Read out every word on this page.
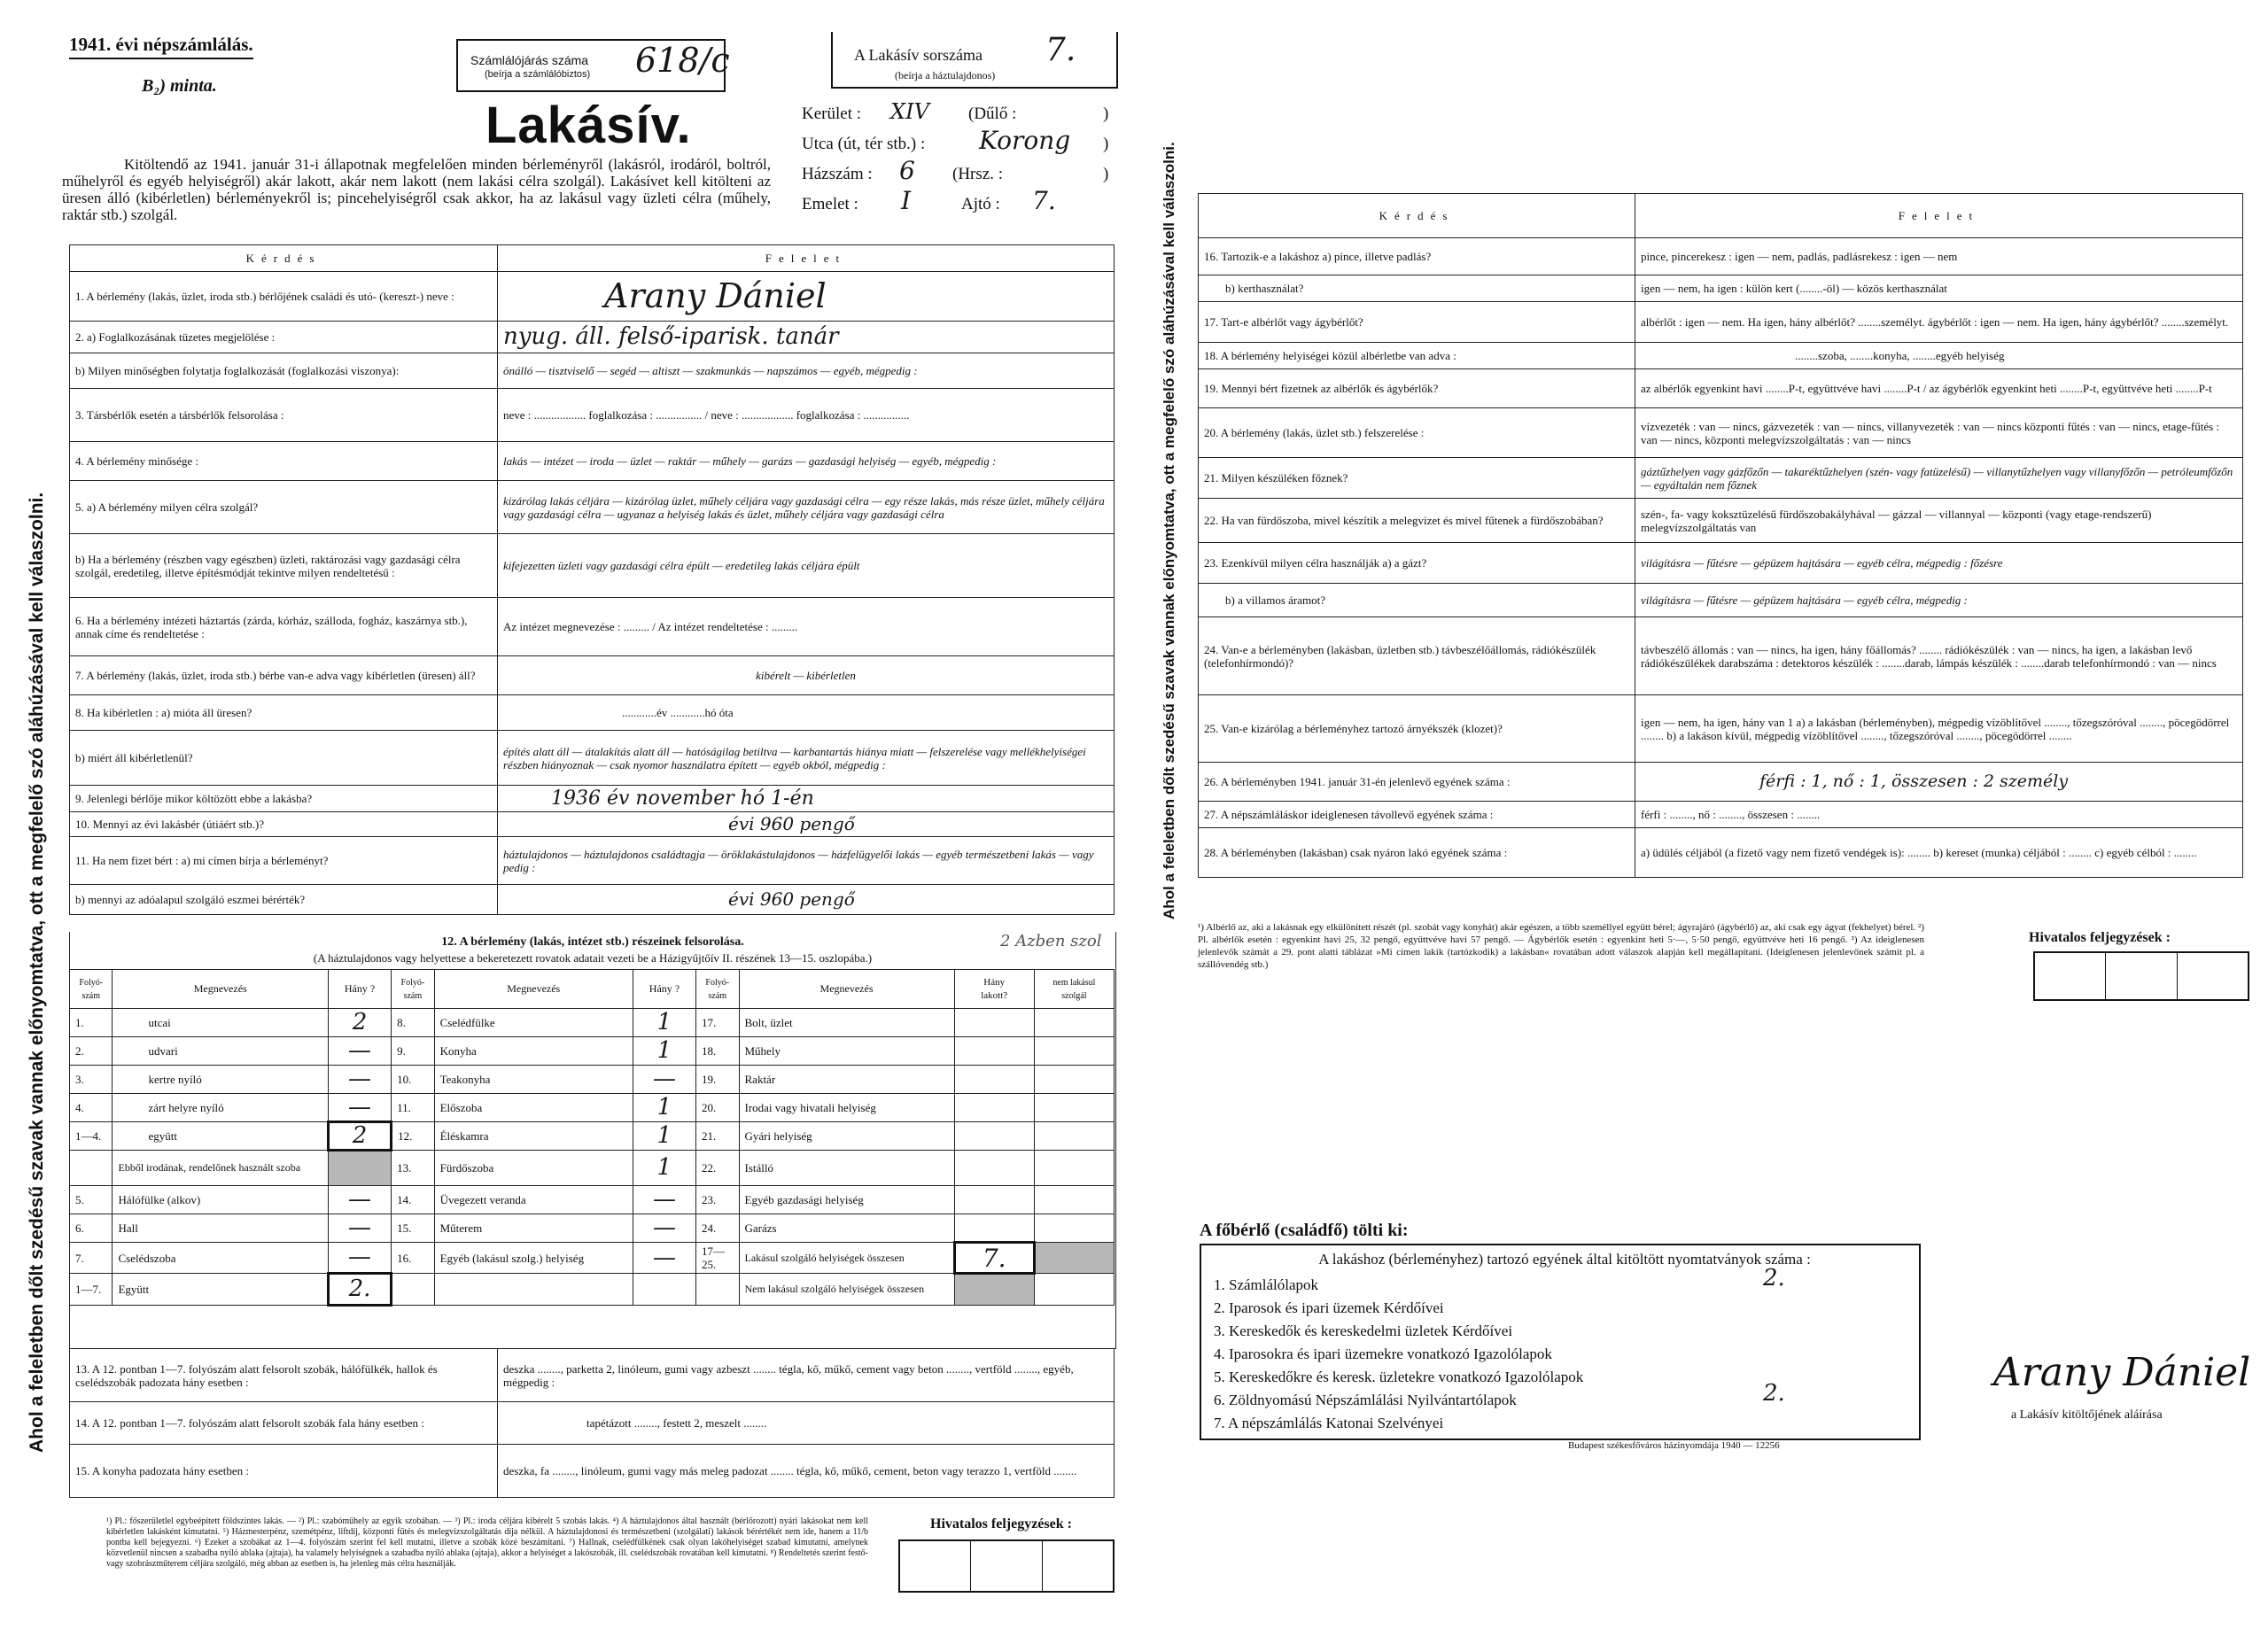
1941. évi népszámlálás.
B₂) minta.
Számlálójárás száma
(beírja a számlálóbiztos) 618/c	A Lakásív sorszáma 7.
(beírja a háztulajdonos)
Lakásív.
Kitöltendő az 1941. január 31-i állapotnak megfelelően minden bérleményről (lakásról, irodáról, boltról, műhelyről és egyéb helyiségről) akár lakott, akár nem lakott (nem lakási célra szolgál). Lakásívet kell kitölteni az üresen álló (kibérletlen) bérleményekről is; pincehelyiségről csak akkor, ha az lakásul vagy üzleti célra (műhely, raktár stb.) szolgál.
Kerület : XIV (Dűlő :	)
Utca (út, tér stb.) : Korong )
Házszám : 6 (Hrsz. :	)
Emelet : I	Ajtó : 7.
Ahol a feleletben dőlt szedésű szavak vannak előnyomtatva, ott a megfelelő szó aláhúzásával kell válaszolni.
Kérdés	Felelet
1. A bérlemény (lakás, üzlet, iroda stb.) bérlőjének családi és utó- (kereszt-) neve :	Arany Dániel
2. a) Foglalkozásának tüzetes megjelölése :	nyug. áll. felső-iparisk. tanár
b) Milyen minőségben folytatja foglalkozását (foglalkozási viszonya):	önálló — tisztviselő — segéd — altiszt — szakmunkás — napszámos — egyéb, mégpedig :
3. Társbérlők esetén a társbérlők felsorolása :	neve : .................. foglalkozása : ................ / neve : .................. foglalkozása : ................
4. A bérlemény minősége :	lakás — intézet — iroda — üzlet — raktár — műhely — garázs — gazdasági helyiség — egyéb, mégpedig :
5. a) A bérlemény milyen célra szolgál?	kizárólag lakás céljára — kizárólag üzlet, műhely céljára vagy gazdasági célra — egy része lakás, más része üzlet, műhely céljára vagy gazdasági célra — ugyanaz a helyiség lakás és üzlet, műhely céljára vagy gazdasági célra
b) Ha a bérlemény (részben vagy egészben) üzleti, raktározási vagy gazdasági célra szolgál, eredetileg, illetve építésmódját tekintve milyen rendeltetésű :	kifejezetten üzleti vagy gazdasági célra épült — eredetileg lakás céljára épült
6. Ha a bérlemény intézeti háztartás (zárda, kórház, szálloda, fogház, kaszárnya stb.), annak címe és rendeltetése :	Az intézet megnevezése : ......... / Az intézet rendeltetése : .........
7. A bérlemény (lakás, üzlet, iroda stb.) bérbe van-e adva vagy kibérletlen (üresen) áll?	kibérelt — kibérletlen
8. Ha kibérletlen : a) mióta áll üresen?	............év ............hó óta
b) miért áll kibérletlenül?	építés alatt áll — átalakítás alatt áll — hatóságilag betiltva — karbantartás hiánya miatt — felszerelése vagy mellékhelyiségei részben hiányoznak — csak nyomor használatra épített — egyéb okból, mégpedig :
9. Jelenlegi bérlője mikor költözött ebbe a lakásba?	1936 év november hó 1-én
10. Mennyi az évi lakásbér (útiáért stb.)?	évi 960 pengő
11. Ha nem fizet bért : a) mi címen bírja a bérleményt?	háztulajdonos — háztulajdonos családtagja — öröklakástulajdonos — házfelügyelői lakás — egyéb természetbeni lakás — vagy pedig :
b) mennyi az adóalapul szolgáló eszmei bérérték?	évi 960 pengő
12. A bérlemény (lakás, intézet stb.) részeinek felsorolása.
(A háztulajdonos vagy helyettese a bekeretezett rovatok adatait vezeti be a Házigyűjtőív II. részének 13—15. oszlopába.)
2 Azben szol
Folyó-szám	Megnevezés	Hány ?	Folyó-szám	Megnevezés	Hány ?	Folyó-szám	Megnevezés	Hány
lakott?	nem lakásul szolgál
1.	utcai	2	8.	Cselédfülke	1	17.	Bolt, üzlet		
2.	udvari	—	9.	Konyha	1	18.	Műhely		
3.	kertre nyíló	—	10.	Teakonyha	—	19.	Raktár		
4.	zárt helyre nyíló	—	11.	Előszoba	1	20.	Irodai vagy hivatali helyiség		
1—4.	együtt	2	12.	Éléskamra	1	21.	Gyári helyiség		
	Ebből irodának, rendelőnek használt szoba		13.	Fürdőszoba	1	22.	Istálló		
5.	Hálófülke (alkov)	—	14.	Üvegezett veranda	—	23.	Egyéb gazdasági helyiség		
6.	Hall	—	15.	Műterem	—	24.	Garázs		
7.	Cselédszoba	—	16.	Egyéb (lakásul szolg.) helyiség	—	17—25.	Lakásul szolgáló helyiségek összesen	7.	
1—7.	Együtt	2.					Nem lakásul szolgáló helyiségek összesen		
13. A 12. pontban 1—7. folyószám alatt felsorolt szobák, hálófülkék, hallok és cselédszobák padozata hány esetben :	deszka ........, parketta 2, linóleum, gumi vagy azbeszt ........ tégla, kő, műkő, cement vagy beton ........, vertföld ........, egyéb, mégpedig :
14. A 12. pontban 1—7. folyószám alatt felsorolt szobák fala hány esetben :	tapétázott ........, festett 2, meszelt ........
15. A konyha padozata hány esetben :	deszka, fa ........, linóleum, gumi vagy más meleg padozat ........ tégla, kő, műkő, cement, beton vagy terazzo 1, vertföld ........
¹) Pl.: főszerületlel egybeépített földszintes lakás. — ²) Pl.: szabóműhely az egyik szobában. — ³) Pl.: iroda céljára kibérelt 5 szobás lakás. ⁴) A háztulajdonos által használt (bérlőrozott) nyári lakásokat nem kell kibérletlen lakásként kimutatni. ⁵) Házmesterpénz, szemétpénz, liftdíj, központi fűtés és melegvízszolgáltatás díja nélkül. A háztulajdonosi és természetbeni (szolgálati) lakások bérértékét nem ide, hanem a 11/b pontba kell bejegyezni. ⁶) Ezeket a szobákat az 1—4. folyószám szerint fel kell mutatni, illetve a szobák közé beszámítani. ⁷) Hallnak, cselédfülkének csak olyan lakóhelyiséget szabad kimutatni, amelynek közvetlenül nincsen a szabadba nyíló ablaka (ajtaja), ha valamely helyiségnek a szabadba nyíló ablaka (ajtaja), akkor a helyiséget a lakószobák, ill. cselédszobák rovatában kell kimutatni. ⁸) Rendeltetés szerint festő- vagy szobrászműterem céljára szolgáló, még abban az esetben is, ha jelenleg más célra használják.
Hivatalos feljegyzések :
Ahol a feleletben dőlt szedésű szavak vannak előnyomtatva, ott a megfelelő szó aláhúzásával kell válaszolni.	Kérdés	Felelet
16. Tartozik-e a lakáshoz a) pince, illetve padlás?	pince, pincerekesz : igen — nem, padlás, padlásrekesz : igen — nem
b) kerthasználat?	igen — nem, ha igen : külön kert (........-öl) — közös kerthasználat
17. Tart-e albérlőt vagy ágybérlőt?	albérlőt : igen — nem. Ha igen, hány albérlőt? ........személyt. ágybérlőt : igen — nem. Ha igen, hány ágybérlőt? ........személyt.
18. A bérlemény helyiségei közül albérletbe van adva :	........szoba, ........konyha, ........egyéb helyiség
19. Mennyi bért fizetnek az albérlők és ágybérlők?	az albérlők egyenkint havi ........P-t, együttvéve havi ........P-t / az ágybérlők egyenkint heti ........P-t, együttvéve heti ........P-t
20. A bérlemény (lakás, üzlet stb.) felszerelése :	vízvezeték : van — nincs, gázvezeték : van — nincs, villanyvezeték : van — nincs központi fűtés : van — nincs, etage-fűtés : van — nincs, központi melegvízszolgáltatás : van — nincs
21. Milyen készüléken főznek?	gáztűzhelyen vagy gázfőzőn — takaréktűzhelyen (szén- vagy fatüzelésű) — villanytűzhelyen vagy villanyfőzőn — petróleumfőzőn — egyáltalán nem főznek
22. Ha van fürdőszoba, mivel készítik a melegvizet és mivel fűtenek a fürdőszobában?	szén-, fa- vagy koksztüzelésű fürdőszobakályhával — gázzal — villannyal — központi (vagy etage-rendszerű) melegvízszolgáltatás van
23. Ezenkívül milyen célra használják a) a gázt?	világításra — fűtésre — gépüzem hajtására — egyéb célra, mégpedig : főzésre
b) a villamos áramot?	világításra — fűtésre — gépüzem hajtására — egyéb célra, mégpedig :
24. Van-e a bérleményben (lakásban, üzletben stb.) távbeszélőállomás, rádiókészülék (telefonhírmondó)?	távbeszélő állomás : van — nincs, ha igen, hány főállomás? ........ rádiókészülék : van — nincs, ha igen, a lakásban levő rádiókészülékek darabszáma : detektoros készülék : ........darab, lámpás készülék : ........darab telefonhírmondó : van — nincs
25. Van-e kizárólag a bérleményhez tartozó árnyékszék (klozet)?	igen — nem, ha igen, hány van 1 a) a lakásban (bérleményben), mégpedig vízöblítővel ........, tőzegszóróval ........, pöcegödörrel ........ b) a lakáson kívül, mégpedig vízöblítővel ........, tőzegszóróval ........, pöcegödörrel ........
26. A bérleményben 1941. január 31-én jelenlevő egyének száma :	férfi : 1, nő : 1, összesen : 2 személy
27. A népszámláláskor ideiglenesen távollevő egyének száma :	férfi : ........, nő : ........, összesen : ........
28. A bérleményben (lakásban) csak nyáron lakó egyének száma :	a) üdülés céljából (a fizető vagy nem fizető vendégek is): ........ b) kereset (munka) céljából : ........ c) egyéb célból : ........
¹) Albérlő az, aki a lakásnak egy elkülönített részét (pl. szobát vagy konyhát) akár egészen, a több személlyel együtt bérel; ágyrajáró (ágybérlő) az, aki csak egy ágyat (fekhelyet) bérel. ²) Pl. albérlők esetén : egyenkint havi 25, 32 pengő, együttvéve havi 57 pengő. — Ágybérlők esetén : egyenkint heti 5·—, 5·50 pengő, együttvéve heti 16 pengő. ³) Az ideiglenesen jelenlevők számát a 29. pont alatti táblázat »Mi címen lakik (tartózkodik) a lakásban« rovatában adott válaszok alapján kell megállapítani. (Ideiglenesen jelenlevőnek számít pl. a szállóvendég stb.)
Hivatalos feljegyzések :
A főbérlő (családfő) tölti ki:
A lakáshoz (bérleményhez) tartozó egyének által kitöltött nyomtatványok száma :
1. Számlálólapok	2.
2. Iparosok és ipari üzemek Kérdőívei
3. Kereskedők és kereskedelmi üzletek Kérdőívei
4. Iparosokra és ipari üzemekre vonatkozó Igazolólapok
5. Kereskedőkre és keresk. üzletekre vonatkozó Igazolólapok
6. Zöldnyomású Népszámlálási Nyilvántartólapok	2.
7. A népszámlálás Katonai Szelvényei
Arany Dániel
a Lakásív kitöltőjének aláírása
Budapest székesfőváros házinyomdája 1940 — 12256
